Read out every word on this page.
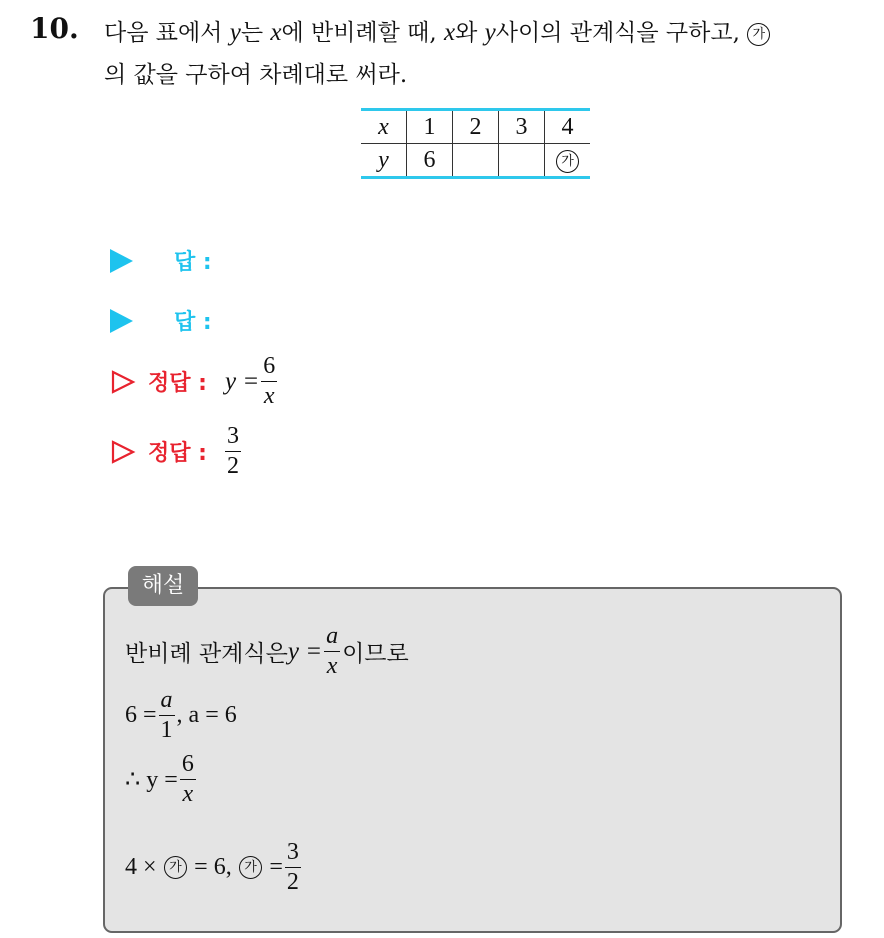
10. 다음 표에서 y는 x에 반비례할 때, x와 y사이의 관계식을 구하고, 가
의 값을 구하여 차례대로 써라.
x	1	2	3	4
y	6			가
답 :
답 :
정답 : $y = \frac{6}{x}$
정답 : $\frac{3}{2}$
해설
반비례 관계식은 $y = \frac{a}{x}$ 이므로
$6 = \frac{a}{1}$ , a = 6
∴ $y = \frac{6}{x}$
4 ×
가
= 6,
가
= $\frac{3}{2}$
